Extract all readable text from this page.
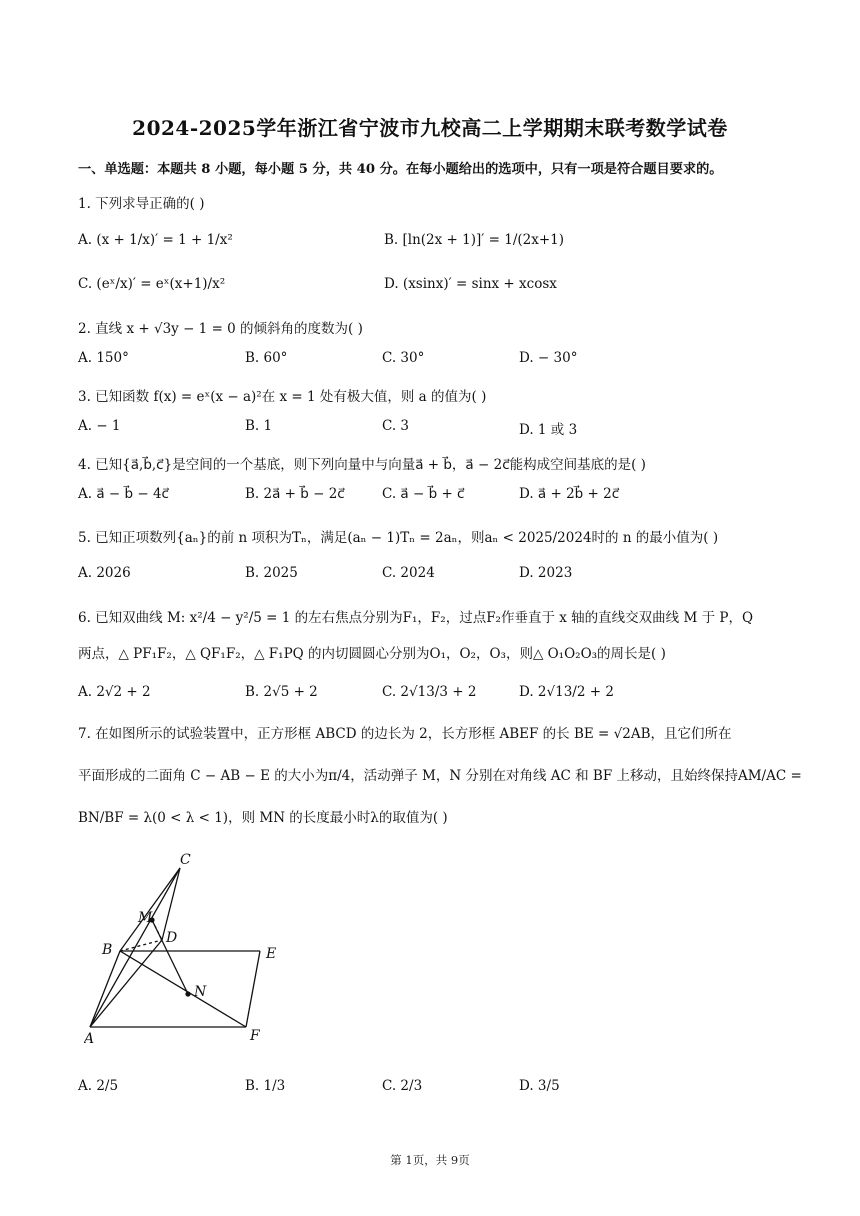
2024-2025学年浙江省宁波市九校高二上学期期末联考数学试卷
一、单选题：本题共 8 小题，每小题 5 分，共 40 分。在每小题给出的选项中，只有一项是符合题目要求的。
1. 下列求导正确的( )
A. (x + 1/x)′ = 1 + 1/x²	B. [ln(2x + 1)]′ = 1/(2x+1)
C. (eˣ/x)′ = eˣ(x+1)/x²	D. (xsinx)′ = sinx + xcosx
2. 直线 x + √3y − 1 = 0 的倾斜角的度数为( )
A. 150°	B. 60°	C. 30°	D. − 30°
3. 已知函数 f(x) = eˣ(x − a)²在 x = 1 处有极大值，则 a 的值为( )
A. − 1	B. 1	C. 3	D. 1 或 3
4. 已知{a⃗,b⃗,c⃗}是空间的一个基底，则下列向量中与向量a⃗ + b⃗，a⃗ − 2c⃗能构成空间基底的是( )
A. a⃗ − b⃗ − 4c⃗	B. 2a⃗ + b⃗ − 2c⃗	C. a⃗ − b⃗ + c⃗	D. a⃗ + 2b⃗ + 2c⃗
5. 已知正项数列{aₙ}的前 n 项积为Tₙ，满足(aₙ − 1)Tₙ = 2aₙ，则aₙ < 2025/2024时的 n 的最小值为( )
A. 2026	B. 2025	C. 2024	D. 2023
6. 已知双曲线 M: x²/4 − y²/5 = 1 的左右焦点分别为F₁，F₂，过点F₂作垂直于 x 轴的直线交双曲线 M 于 P，Q
两点，△ PF₁F₂，△ QF₁F₂，△ F₁PQ 的内切圆圆心分别为O₁，O₂，O₃，则△ O₁O₂O₃的周长是( )
A. 2√2 + 2	B. 2√5 + 2	C. 2√13/3 + 2	D. 2√13/2 + 2
7. 在如图所示的试验装置中，正方形框 ABCD 的边长为 2，长方形框 ABEF 的长 BE = √2AB，且它们所在
平面形成的二面角 C − AB − E 的大小为π/4，活动弹子 M，N 分别在对角线 AC 和 BF 上移动，且始终保持AM/AC =
BN/BF = λ(0 < λ < 1)，则 MN 的长度最小时λ的取值为( )
A
B
C
D
E
F
M
N
A. 2/5	B. 1/3	C. 2/3	D. 3/5
第 1页，共 9页
